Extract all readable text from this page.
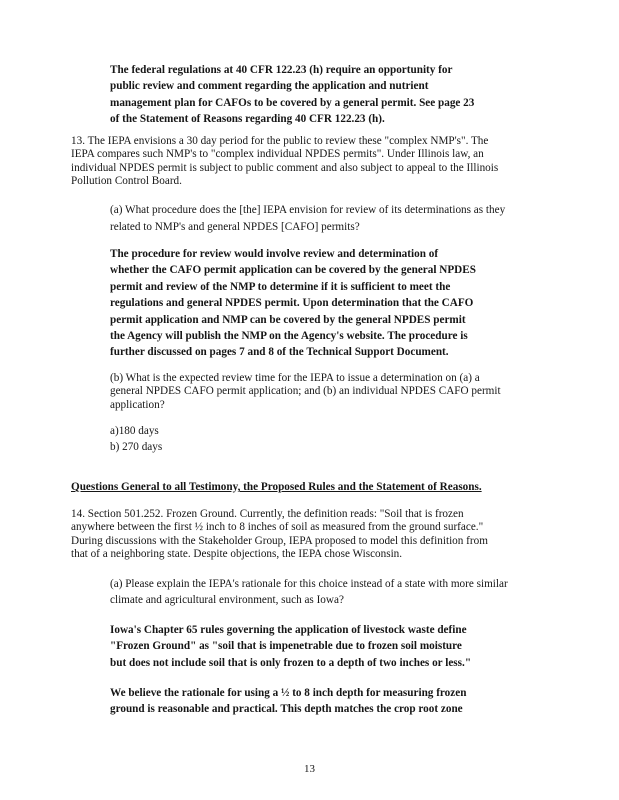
The federal regulations at 40 CFR 122.23 (h) require an opportunity for
public review and comment regarding the application and nutrient
management plan for CAFOs to be covered by a general permit. See page 23
of the Statement of Reasons regarding 40 CFR 122.23 (h).
13. The IEPA envisions a 30 day period for the public to review these "complex NMP's". The
IEPA compares such NMP's to "complex individual NPDES permits". Under Illinois law, an
individual NPDES permit is subject to public comment and also subject to appeal to the Illinois
Pollution Control Board.
(a) What procedure does the [the] IEPA envision for review of its determinations as they
related to NMP's and general NPDES [CAFO] permits?
The procedure for review would involve review and determination of
whether the CAFO permit application can be covered by the general NPDES
permit and review of the NMP to determine if it is sufficient to meet the
regulations and general NPDES permit. Upon determination that the CAFO
permit application and NMP can be covered by the general NPDES permit
the Agency will publish the NMP on the Agency's website. The procedure is
further discussed on pages 7 and 8 of the Technical Support Document.
(b) What is the expected review time for the IEPA to issue a determination on (a) a
general NPDES CAFO permit application; and (b) an individual NPDES CAFO permit
application?
a)180 days
b) 270 days
Questions General to all Testimony, the Proposed Rules and the Statement of Reasons.
14. Section 501.252. Frozen Ground. Currently, the definition reads: "Soil that is frozen
anywhere between the first ½ inch to 8 inches of soil as measured from the ground surface."
During discussions with the Stakeholder Group, IEPA proposed to model this definition from
that of a neighboring state. Despite objections, the IEPA chose Wisconsin.
(a) Please explain the IEPA's rationale for this choice instead of a state with more similar
climate and agricultural environment, such as Iowa?
Iowa's Chapter 65 rules governing the application of livestock waste define
"Frozen Ground" as "soil that is impenetrable due to frozen soil moisture
but does not include soil that is only frozen to a depth of two inches or less."
We believe the rationale for using a ½ to 8 inch depth for measuring frozen
ground is reasonable and practical. This depth matches the crop root zone

13
